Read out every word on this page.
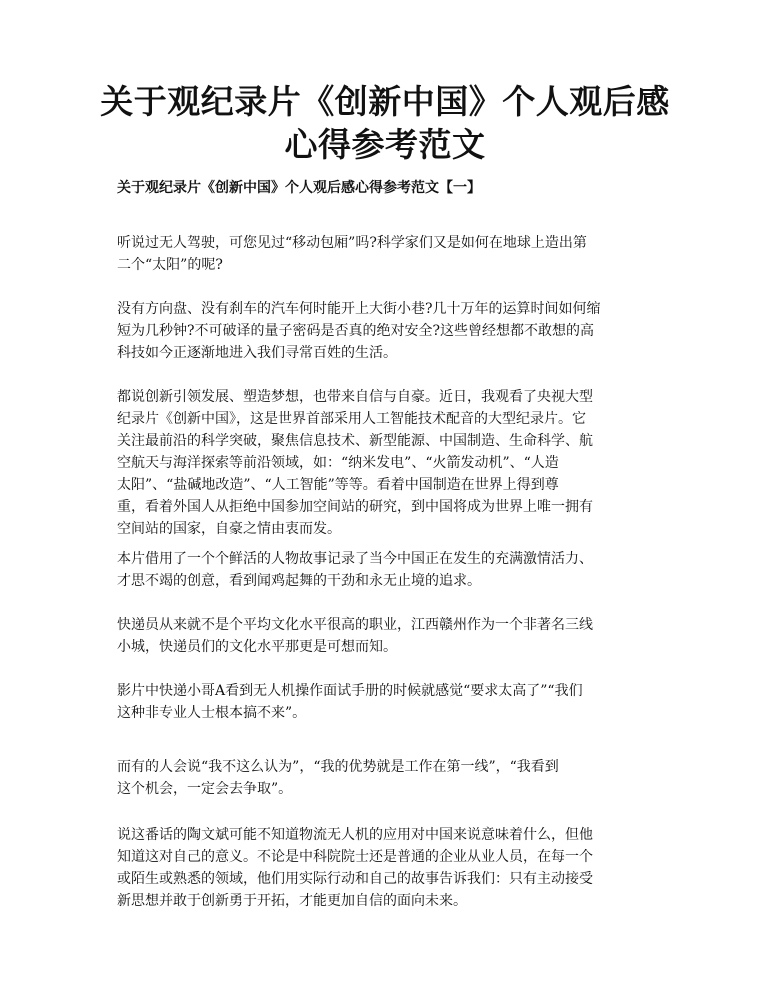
关于观纪录片《创新中国》个人观后感
心得参考范文
关于观纪录片《创新中国》个人观后感心得参考范文【一】

听说过无人驾驶，可您见过“移动包厢”吗?科学家们又是如何在地球上造出第
二个“太阳”的呢?

没有方向盘、没有刹车的汽车何时能开上大街小巷?几十万年的运算时间如何缩
短为几秒钟?不可破译的量子密码是否真的绝对安全?这些曾经想都不敢想的高
科技如今正逐渐地进入我们寻常百姓的生活。

都说创新引领发展、塑造梦想，也带来自信与自豪。近日，我观看了央视大型
纪录片《创新中国》，这是世界首部采用人工智能技术配音的大型纪录片。它
关注最前沿的科学突破，聚焦信息技术、新型能源、中国制造、生命科学、航
空航天与海洋探索等前沿领域，如：“纳米发电”、“火箭发动机”、“人造
太阳”、“盐碱地改造”、“人工智能”等等。看着中国制造在世界上得到尊
重，看着外国人从拒绝中国参加空间站的研究，到中国将成为世界上唯一拥有
空间站的国家，自豪之情由衷而发。

本片借用了一个个鲜活的人物故事记录了当今中国正在发生的充满激情活力、
才思不竭的创意，看到闻鸡起舞的干劲和永无止境的追求。

快递员从来就不是个平均文化水平很高的职业，江西赣州作为一个非著名三线
小城，快递员们的文化水平那更是可想而知。

影片中快递小哥A看到无人机操作面试手册的时候就感觉“要求太高了”“我们
这种非专业人士根本搞不来”。

而有的人会说“我不这么认为”，“我的优势就是工作在第一线”，“我看到
这个机会，一定会去争取”。

说这番话的陶文斌可能不知道物流无人机的应用对中国来说意味着什么，但他
知道这对自己的意义。不论是中科院院士还是普通的企业从业人员，在每一个
或陌生或熟悉的领域，他们用实际行动和自己的故事告诉我们：只有主动接受
新思想并敢于创新勇于开拓，才能更加自信的面向未来。
